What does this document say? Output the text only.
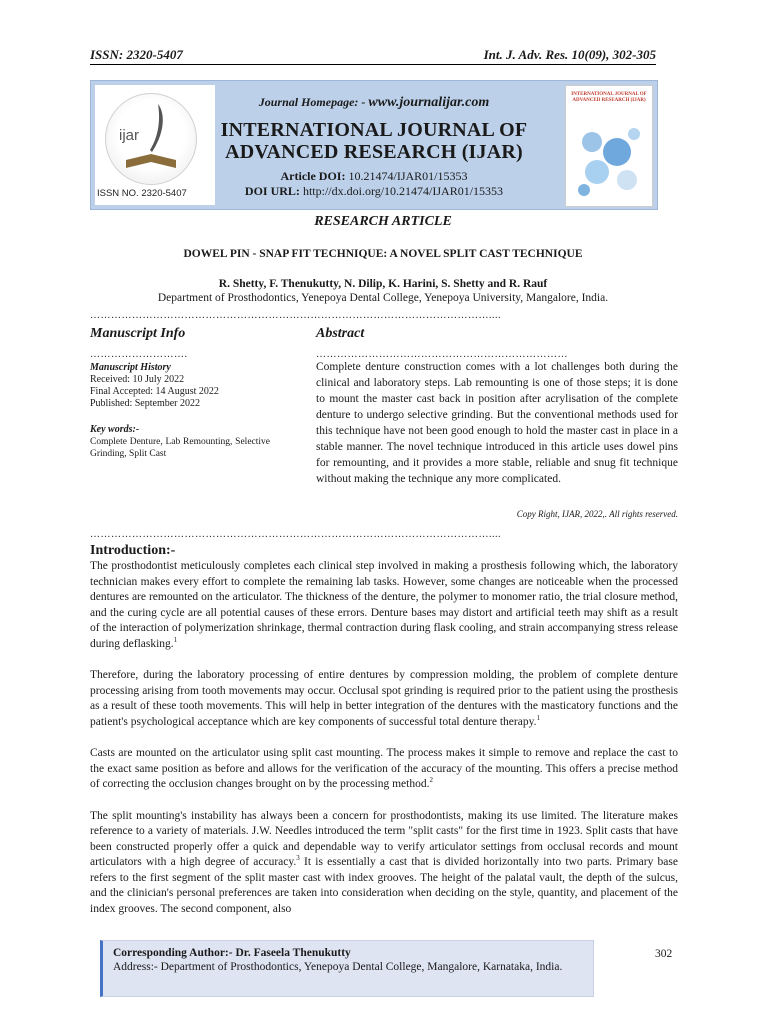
ISSN: 2320-5407	Int. J. Adv. Res. 10(09), 302-305
ijar
ISSN NO. 2320-5407
Journal Homepage: - www.journalijar.com
INTERNATIONAL JOURNAL OF
ADVANCED RESEARCH (IJAR)
Article DOI: 10.21474/IJAR01/15353
DOI URL: http://dx.doi.org/10.21474/IJAR01/15353
INTERNATIONAL JOURNAL OF ADVANCED RESEARCH (IJAR)
RESEARCH ARTICLE
DOWEL PIN - SNAP FIT TECHNIQUE: A NOVEL SPLIT CAST TECHNIQUE
R. Shetty, F. Thenukutty, N. Dilip, K. Harini, S. Shetty and R. Rauf
Department of Prosthodontics, Yenepoya Dental College, Yenepoya University, Mangalore, India.
……………………………………………………………………………………………………....
Manuscript Info	Abstract
……………………….	………………………………………………………………
Manuscript History
Received: 10 July 2022
Final Accepted: 14 August 2022
Published: September 2022
Key words:-
Complete Denture, Lab Remounting, Selective Grinding, Split Cast
Complete denture construction comes with a lot challenges both during the clinical and laboratory steps. Lab remounting is one of those steps; it is done to mount the master cast back in position after acrylisation of the complete denture to undergo selective grinding. But the conventional methods used for this technique have not been good enough to hold the master cast in place in a stable manner. The novel technique introduced in this article uses dowel pins for remounting, and it provides a more stable, reliable and snug fit technique without making the technique any more complicated.
Copy Right, IJAR, 2022,. All rights reserved.
……………………………………………………………………………………………………....
Introduction:-

The prosthodontist meticulously completes each clinical step involved in making a prosthesis following which, the laboratory technician makes every effort to complete the remaining lab tasks. However, some changes are noticeable when the processed dentures are remounted on the articulator. The thickness of the denture, the polymer to monomer ratio, the trial closure method, and the curing cycle are all potential causes of these errors. Denture bases may distort and artificial teeth may shift as a result of the interaction of polymerization shrinkage, thermal contraction during flask cooling, and strain accompanying stress release during deflasking.$^1$

Therefore, during the laboratory processing of entire dentures by compression molding, the problem of complete denture processing arising from tooth movements may occur. Occlusal spot grinding is required prior to the patient using the prosthesis as a result of these tooth movements. This will help in better integration of the dentures with the masticatory functions and the patient's psychological acceptance which are key components of successful total denture therapy.$^1$

Casts are mounted on the articulator using split cast mounting. The process makes it simple to remove and replace the cast to the exact same position as before and allows for the verification of the accuracy of the mounting. This offers a precise method of correcting the occlusion changes brought on by the processing method.$^2$

The split mounting's instability has always been a concern for prosthodontists, making its use limited. The literature makes reference to a variety of materials. J.W. Needles introduced the term "split casts" for the first time in 1923. Split casts that have been constructed properly offer a quick and dependable way to verify articulator settings from occlusal records and mount articulators with a high degree of accuracy.$^3$ It is essentially a cast that is divided horizontally into two parts. Primary base refers to the first segment of the split master cast with index grooves. The height of the palatal vault, the depth of the sulcus, and the clinician's personal preferences are taken into consideration when deciding on the style, quantity, and placement of the index grooves. The second component, also

Corresponding Author:- Dr. Faseela Thenukutty
Address:- Department of Prosthodontics, Yenepoya Dental College, Mangalore, Karnataka, India.
302
